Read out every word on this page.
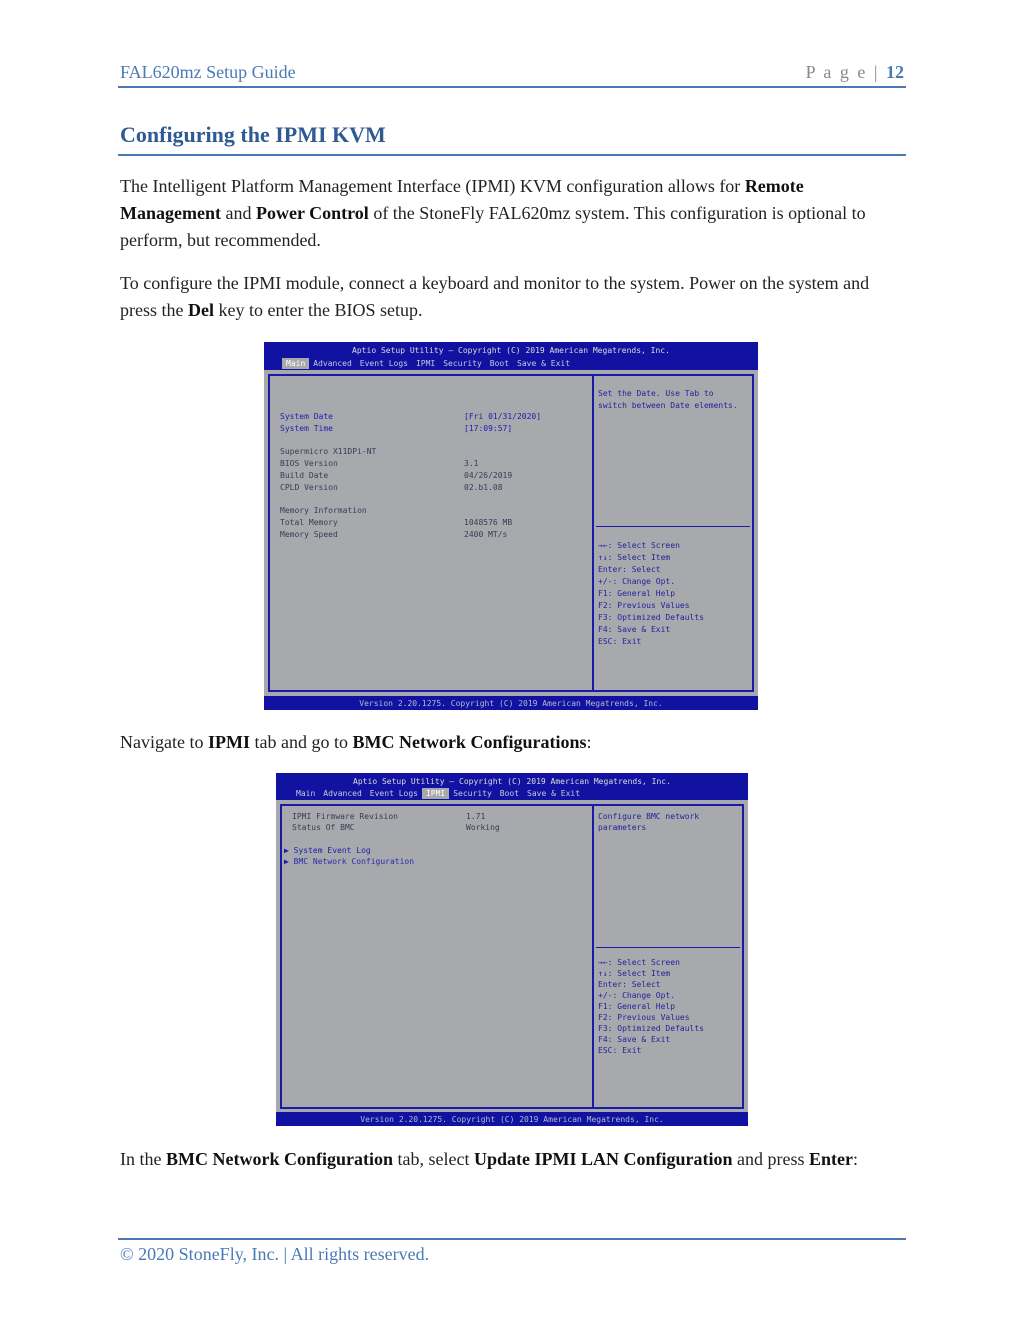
FAL620mz Setup Guide	P a g e | 12
Configuring the IPMI KVM

The Intelligent Platform Management Interface (IPMI) KVM configuration allows for Remote Management and Power Control of the StoneFly FAL620mz system. This configuration is optional to perform, but recommended.

To configure the IPMI module, connect a keyboard and monitor to the system. Power on the system and press the Del key to enter the BIOS setup.

Aptio Setup Utility – Copyright (C) 2019 American Megatrends, Inc.
Main	Advanced	Event Logs	IPMI	Security	Boot	Save & Exit
System Date	[Fri 01/31/2020]
System Time	[17:09:57]
Supermicro X11DPi-NT
BIOS Version	3.1
Build Date	04/26/2019
CPLD Version	02.b1.08
Memory Information
Total Memory	1048576 MB
Memory Speed	2400 MT/s
Set the Date. Use Tab to
switch between Date elements.
→←: Select Screen
↑↓: Select Item
Enter: Select
+/-: Change Opt.
F1: General Help
F2: Previous Values
F3: Optimized Defaults
F4: Save & Exit
ESC: Exit
Version 2.20.1275. Copyright (C) 2019 American Megatrends, Inc.

Navigate to IPMI tab and go to BMC Network Configurations:

Aptio Setup Utility – Copyright (C) 2019 American Megatrends, Inc.
Main	Advanced	Event Logs	IPMI	Security	Boot	Save & Exit
IPMI Firmware Revision	1.71
Status Of BMC	Working
▶ System Event Log
▶ BMC Network Configuration
Configure BMC network
parameters
→←: Select Screen
↑↓: Select Item
Enter: Select
+/-: Change Opt.
F1: General Help
F2: Previous Values
F3: Optimized Defaults
F4: Save & Exit
ESC: Exit
Version 2.20.1275. Copyright (C) 2019 American Megatrends, Inc.

In the BMC Network Configuration tab, select Update IPMI LAN Configuration and press Enter:

© 2020 StoneFly, Inc. | All rights reserved.
